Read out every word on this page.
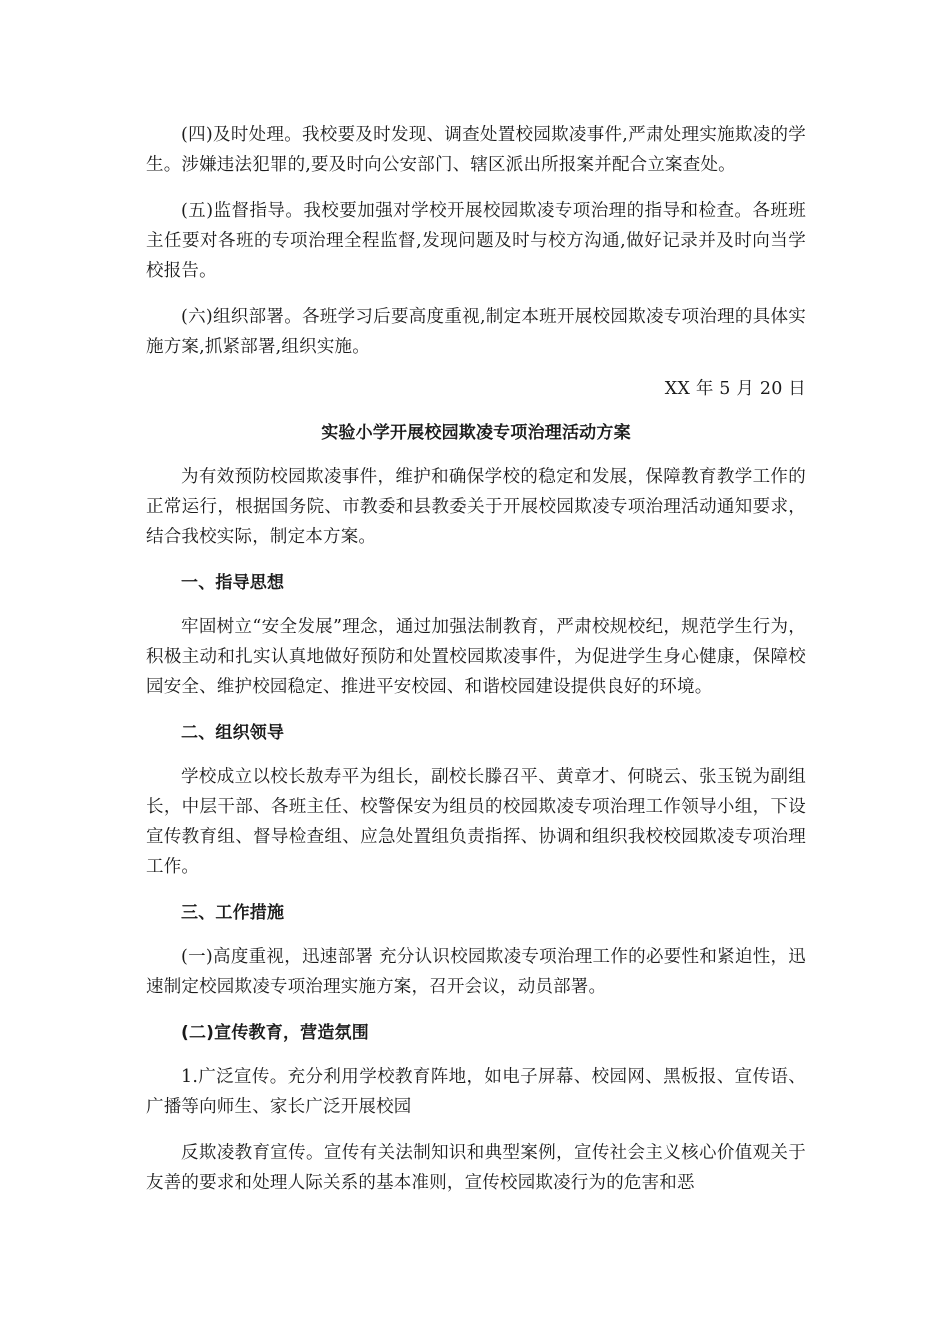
(四)及时处理。我校要及时发现、调查处置校园欺凌事件,严肃处理实施欺凌的学生。涉嫌违法犯罪的,要及时向公安部门、辖区派出所报案并配合立案查处。

(五)监督指导。我校要加强对学校开展校园欺凌专项治理的指导和检查。各班班主任要对各班的专项治理全程监督,发现问题及时与校方沟通,做好记录并及时向当学校报告。

(六)组织部署。各班学习后要高度重视,制定本班开展校园欺凌专项治理的具体实施方案,抓紧部署,组织实施。

XX 年 5 月 20 日

实验小学开展校园欺凌专项治理活动方案

为有效预防校园欺凌事件，维护和确保学校的稳定和发展，保障教育教学工作的正常运行，根据国务院、市教委和县教委关于开展校园欺凌专项治理活动通知要求，结合我校实际，制定本方案。

一、指导思想

牢固树立“安全发展”理念，通过加强法制教育，严肃校规校纪，规范学生行为，积极主动和扎实认真地做好预防和处置校园欺凌事件，为促进学生身心健康，保障校园安全、维护校园稳定、推进平安校园、和谐校园建设提供良好的环境。

二、组织领导

学校成立以校长敖寿平为组长，副校长滕召平、黄章才、何晓云、张玉锐为副组长，中层干部、各班主任、校警保安为组员的校园欺凌专项治理工作领导小组，下设宣传教育组、督导检查组、应急处置组负责指挥、协调和组织我校校园欺凌专项治理工作。

三、工作措施

(一)高度重视，迅速部署 充分认识校园欺凌专项治理工作的必要性和紧迫性，迅速制定校园欺凌专项治理实施方案，召开会议，动员部署。

(二)宣传教育，营造氛围

1.广泛宣传。充分利用学校教育阵地，如电子屏幕、校园网、黑板报、宣传语、广播等向师生、家长广泛开展校园

反欺凌教育宣传。宣传有关法制知识和典型案例，宣传社会主义核心价值观关于友善的要求和处理人际关系的基本准则，宣传校园欺凌行为的危害和恶
